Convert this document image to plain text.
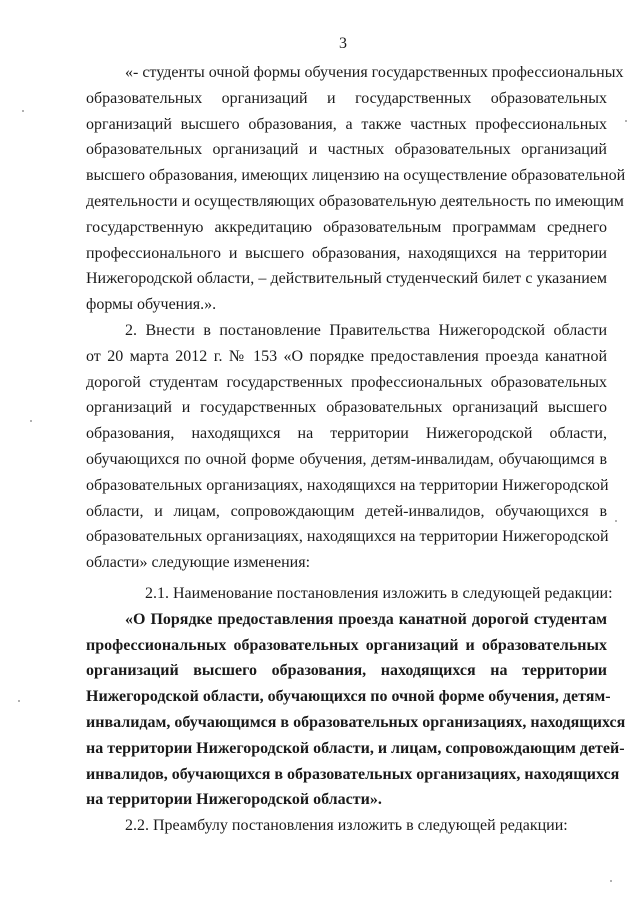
3
«- студенты очной формы обучения государственных профессиональных
образовательных организаций и государственных образовательных
организаций высшего образования, а также частных профессиональных
образовательных организаций и частных образовательных организаций
высшего образования, имеющих лицензию на осуществление образовательной
деятельности и осуществляющих образовательную деятельность по имеющим
государственную аккредитацию образовательным программам среднего
профессионального и высшего образования, находящихся на территории
Нижегородской области, – действительный студенческий билет с указанием
формы обучения.».
2. Внести в постановление Правительства Нижегородской области
от 20 марта 2012 г. № 153 «О порядке предоставления проезда канатной
дорогой студентам государственных профессиональных образовательных
организаций и государственных образовательных организаций высшего
образования, находящихся на территории Нижегородской области,
обучающихся по очной форме обучения, детям-инвалидам, обучающимся в
образовательных организациях, находящихся на территории Нижегородской
области, и лицам, сопровождающим детей-инвалидов, обучающихся в
образовательных организациях, находящихся на территории Нижегородской
области» следующие изменения:
2.1. Наименование постановления изложить в следующей редакции:
«О Порядке предоставления проезда канатной дорогой студентам
профессиональных образовательных организаций и образовательных
организаций высшего образования, находящихся на территории
Нижегородской области, обучающихся по очной форме обучения, детям-
инвалидам, обучающимся в образовательных организациях, находящихся
на территории Нижегородской области, и лицам, сопровождающим детей-
инвалидов, обучающихся в образовательных организациях, находящихся
на территории Нижегородской области».
2.2. Преамбулу постановления изложить в следующей редакции:
